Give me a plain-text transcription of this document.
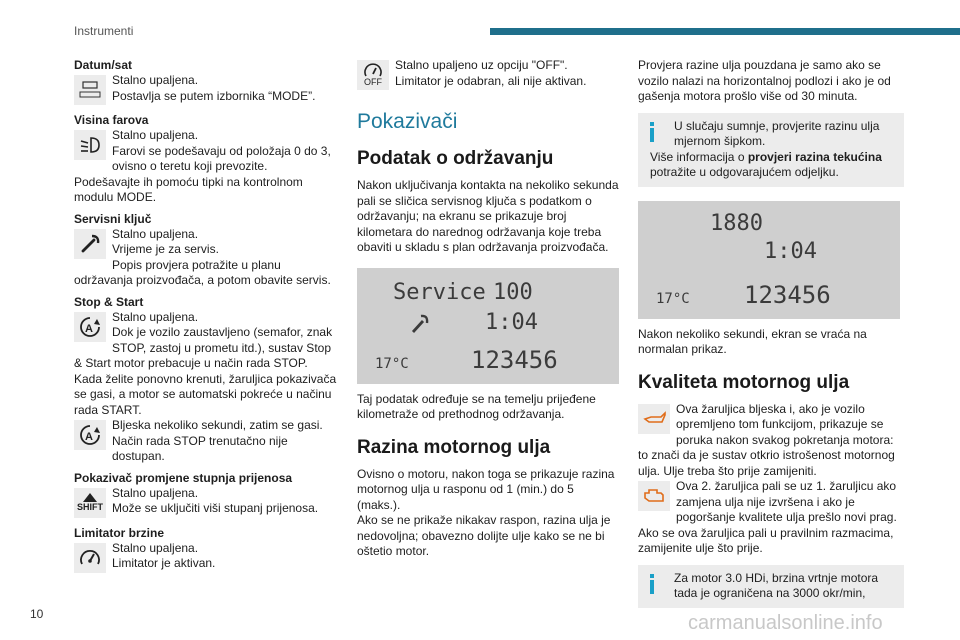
Instrumenti
Datum/sat
Stalno upaljena.
Postavlja se putem izbornika “MODE”.
Visina farova
Stalno upaljena.
Farovi se podešavaju od položaja 0 do 3, ovisno o teretu koji prevozite.
Podešavajte ih pomoću tipki na kontrolnom modulu MODE.
Servisni ključ
Stalno upaljena.
Vrijeme je za servis.
Popis provjera potražite u planu održavanja proizvođača, a potom obavite servis.
Stop & Start
A
Stalno upaljena.
Dok je vozilo zaustavljeno (semafor, znak STOP, zastoj u prometu itd.), sustav Stop & Start motor prebacuje u način rada STOP.
Kada želite ponovno krenuti, žaruljica pokazivača se gasi, a motor se automatski pokreće u načinu rada START.
A
Bljeska nekoliko sekundi, zatim se gasi.
Način rada STOP trenutačno nije dostupan.
Pokazivač promjene stupnja prijenosa
SHIFT
Stalno upaljena.
Može se uključiti viši stupanj prijenosa.
Limitator brzine
Stalno upaljena.
Limitator je aktivan.
OFF
Stalno upaljeno uz opciju "OFF".
Limitator je odabran, ali nije aktivan.
Pokazivači
Podatak o održavanju
Nakon uključivanja kontakta na nekoliko sekunda pali se sličica servisnog ključa s podatkom o održavanju; na ekranu se prikazuje broj kilometara do narednog održavanja koje treba obaviti u skladu s plan održavanja proizvođača.
Service 100
1:04
17°C	123456
Taj podatak određuje se na temelju prijeđene kilometraže od prethodnog održavanja.
Razina motornog ulja
Ovisno o motoru, nakon toga se prikazuje razina motornog ulja u rasponu od 1 (min.) do 5 (maks.).
Ako se ne prikaže nikakav raspon, razina ulja je nedovoljna; obavezno dolijte ulje kako se ne bi oštetio motor.
Provjera razine ulja pouzdana je samo ako se vozilo nalazi na horizontalnoj podlozi i ako je od gašenja motora prošlo više od 30 minuta.
U slučaju sumnje, provjerite razinu ulja mjernom šipkom.
Više informacija o provjeri razina tekućina potražite u odgovarajućem odjeljku.
1880
1:04
17°C 123456
Nakon nekoliko sekundi, ekran se vraća na normalan prikaz.
Kvaliteta motornog ulja
Ova žaruljica bljeska i, ako je vozilo opremljeno tom funkcijom, prikazuje se poruka nakon svakog pokretanja motora: to znači da je sustav otkrio istrošenost motornog ulja. Ulje treba što prije zamijeniti.
Ova 2. žaruljica pali se uz 1. žaruljicu ako zamjena ulja nije izvršena i ako je pogoršanje kvalitete ulja prešlo novi prag. Ako se ova žaruljica pali u pravilnim razmacima, zamijenite ulje što prije.
Za motor 3.0 HDi, brzina vrtnje motora tada je ograničena na 3000 okr/min,
10	carmanualsonline.info
